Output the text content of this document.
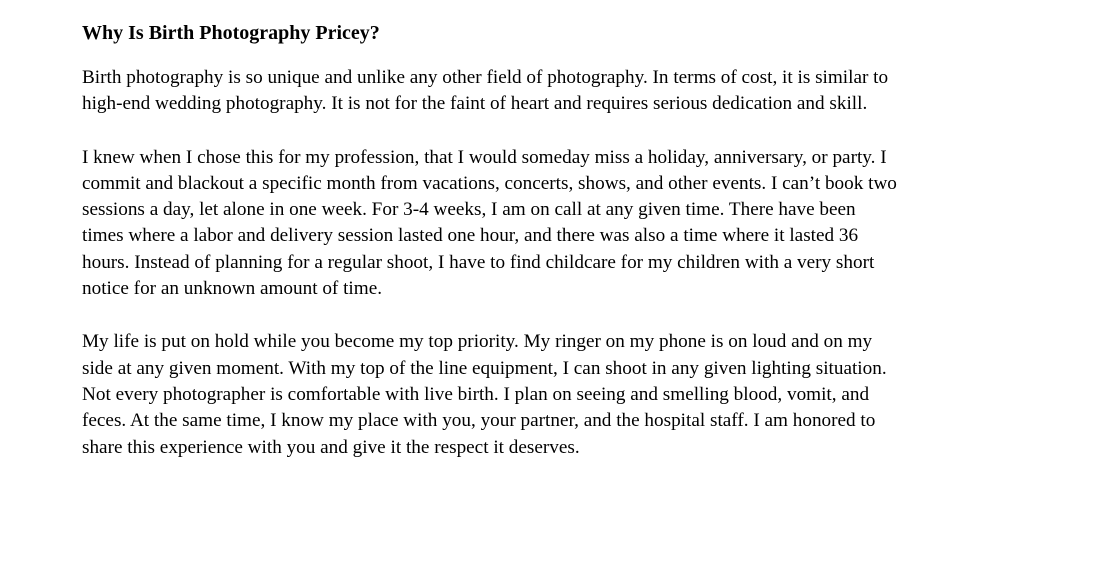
Why Is Birth Photography Pricey?
Birth photography is so unique and unlike any other field of photography. In terms of cost, it is similar to
high-end wedding photography. It is not for the faint of heart and requires serious dedication and skill.
I knew when I chose this for my profession, that I would someday miss a holiday, anniversary, or party. I
commit and blackout a specific month from vacations, concerts, shows, and other events. I can’t book two
sessions a day, let alone in one week. For 3-4 weeks, I am on call at any given time. There have been
times where a labor and delivery session lasted one hour, and there was also a time where it lasted 36
hours. Instead of planning for a regular shoot, I have to find childcare for my children with a very short
notice for an unknown amount of time.
My life is put on hold while you become my top priority. My ringer on my phone is on loud and on my
side at any given moment. With my top of the line equipment, I can shoot in any given lighting situation.
Not every photographer is comfortable with live birth. I plan on seeing and smelling blood, vomit, and
feces. At the same time, I know my place with you, your partner, and the hospital staff. I am honored to
share this experience with you and give it the respect it deserves.
